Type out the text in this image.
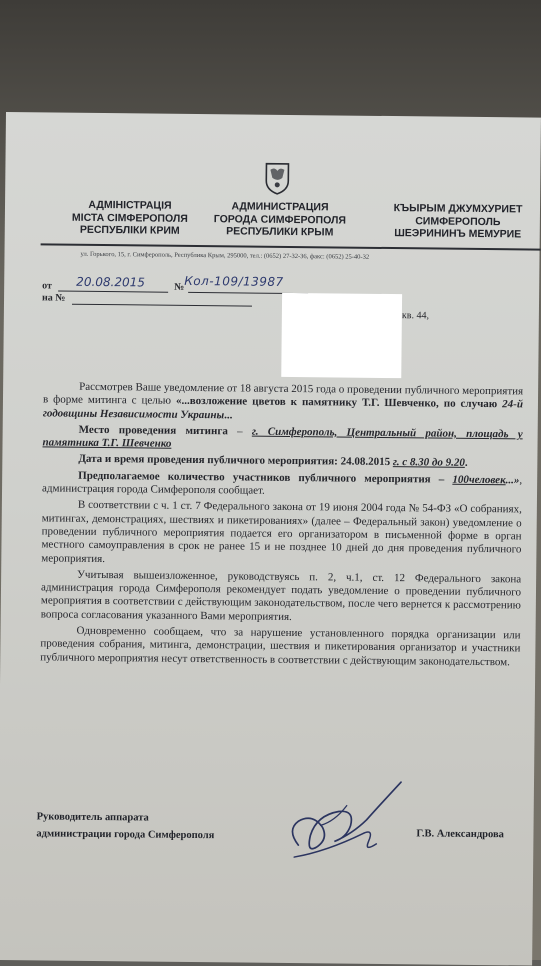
АДМІНІСТРАЦІЯ
МІСТА СІМФЕРОПОЛЯ
РЕСПУБЛІКИ КРИМ
АДМИНИСТРАЦИЯ
ГОРОДА СИМФЕРОПОЛЯ
РЕСПУБЛИКИ КРЫМ
КЪЫРЫМ ДЖУМХУРИЕТ
СИМФЕРОПОЛЬ
ШЕЭРИНИНЪ МЕМУРИЕ
ул. Горького, 15, г. Симферополь, Республика Крым, 295000, тел.: (0652) 27-32-36, факс: (0652) 25-40-32
от 20.08.2015	№ Кол-109/13987
на №
кв. 44,

Рассмотрев Ваше уведомление от 18 августа 2015 года о проведении публичного мероприятия в форме митинга с целью «...возложение цветов к памятнику Т.Г. Шевченко, по случаю 24-й годовщины Независимости Украины...

Место проведения митинга – г. Симферополь, Центральный район, площадь у памятника Т.Г. Шевченко

Дата и время проведения публичного мероприятия: 24.08.2015 г. с 8.30 до 9.20.

Предполагаемое количество участников публичного мероприятия – 100человек...», администрация города Симферополя сообщает.

В соответствии с ч. 1 ст. 7 Федерального закона от 19 июня 2004 года № 54-ФЗ «О собраниях, митингах, демонстрациях, шествиях и пикетированиях» (далее – Федеральный закон) уведомление о проведении публичного мероприятия подается его организатором в письменной форме в орган местного самоуправления в срок не ранее 15 и не позднее 10 дней до дня проведения публичного мероприятия.

Учитывая вышеизложенное, руководствуясь п. 2, ч.1, ст. 12 Федерального закона администрация города Симферополя рекомендует подать уведомление о проведении публичного мероприятия в соответствии с действующим законодательством, после чего вернется к рассмотрению вопроса согласования указанного Вами мероприятия.

Одновременно сообщаем, что за нарушение установленного порядка организации или проведения собрания, митинга, демонстрации, шествия и пикетирования организатор и участники публичного мероприятия несут ответственность в соответствии с действующим законодательством.

Руководитель аппарата
администрации города Симферополя	Г.В. Александрова
